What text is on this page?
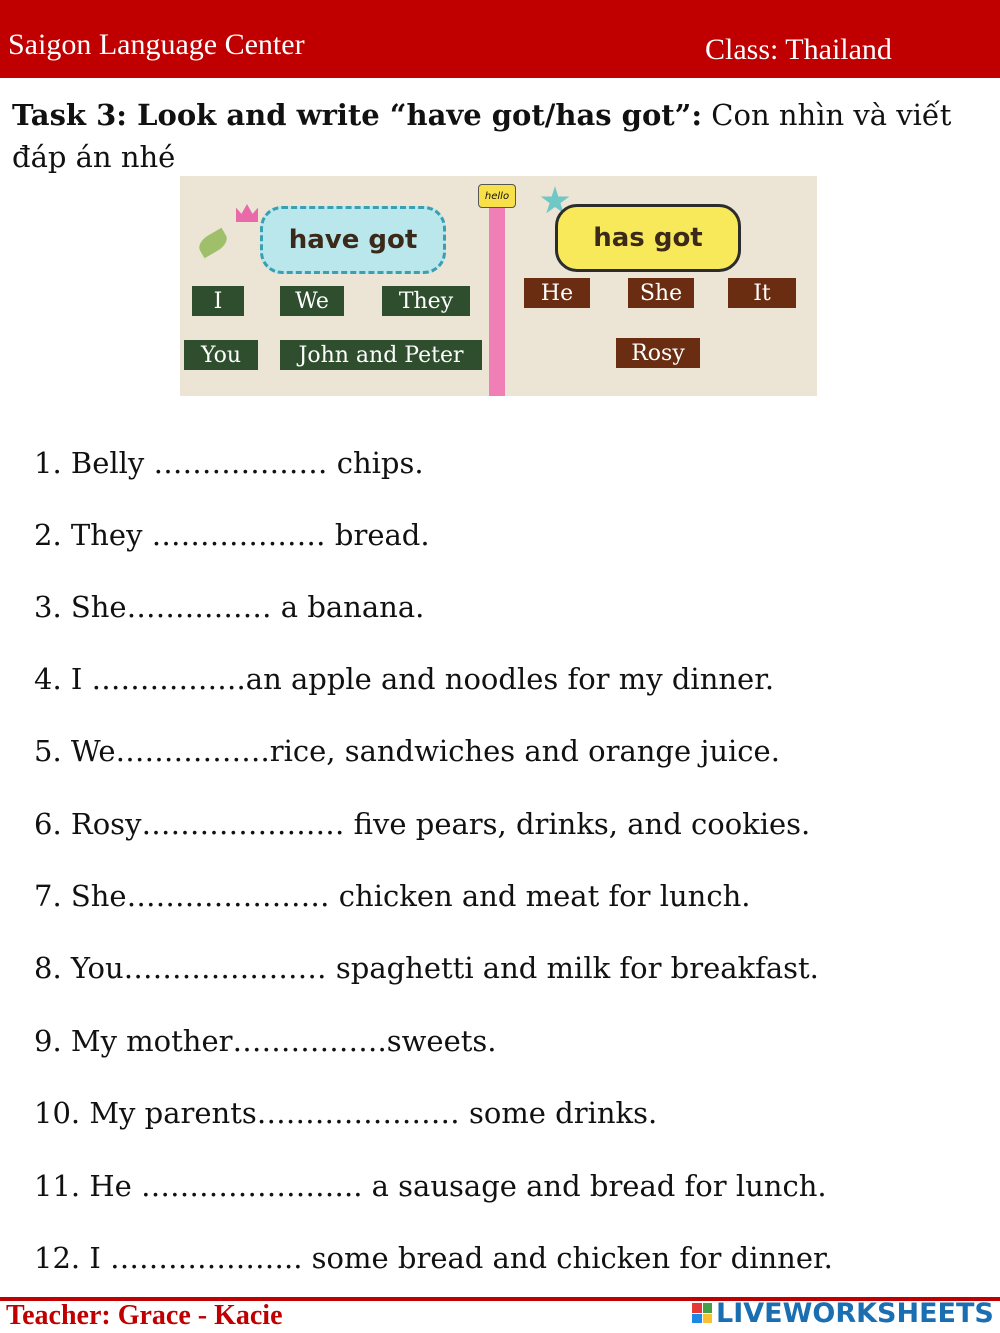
Saigon Language Center	Class: Thailand
Task 3: Look and write “have got/has got”: Con nhìn và viết đáp án nhé
have got	has got
hello
I	We	They
You	John and Peter
He	She	It
Rosy
1. Belly ……………… chips.
2. They ……………… bread.
3. She…………… a banana.
4. I …………….an apple and noodles for my dinner.
5. We…………….rice, sandwiches and orange juice.
6. Rosy………………… five pears, drinks, and cookies.
7. She………………… chicken and meat for lunch.
8. You………………… spaghetti and milk for breakfast.
9. My mother…………….sweets.
10. My parents………………… some drinks.
11. He ………………….. a sausage and bread for lunch.
12. I ……………….. some bread and chicken for dinner.
Teacher: Grace - Kacie	LIVEWORKSHEETS
